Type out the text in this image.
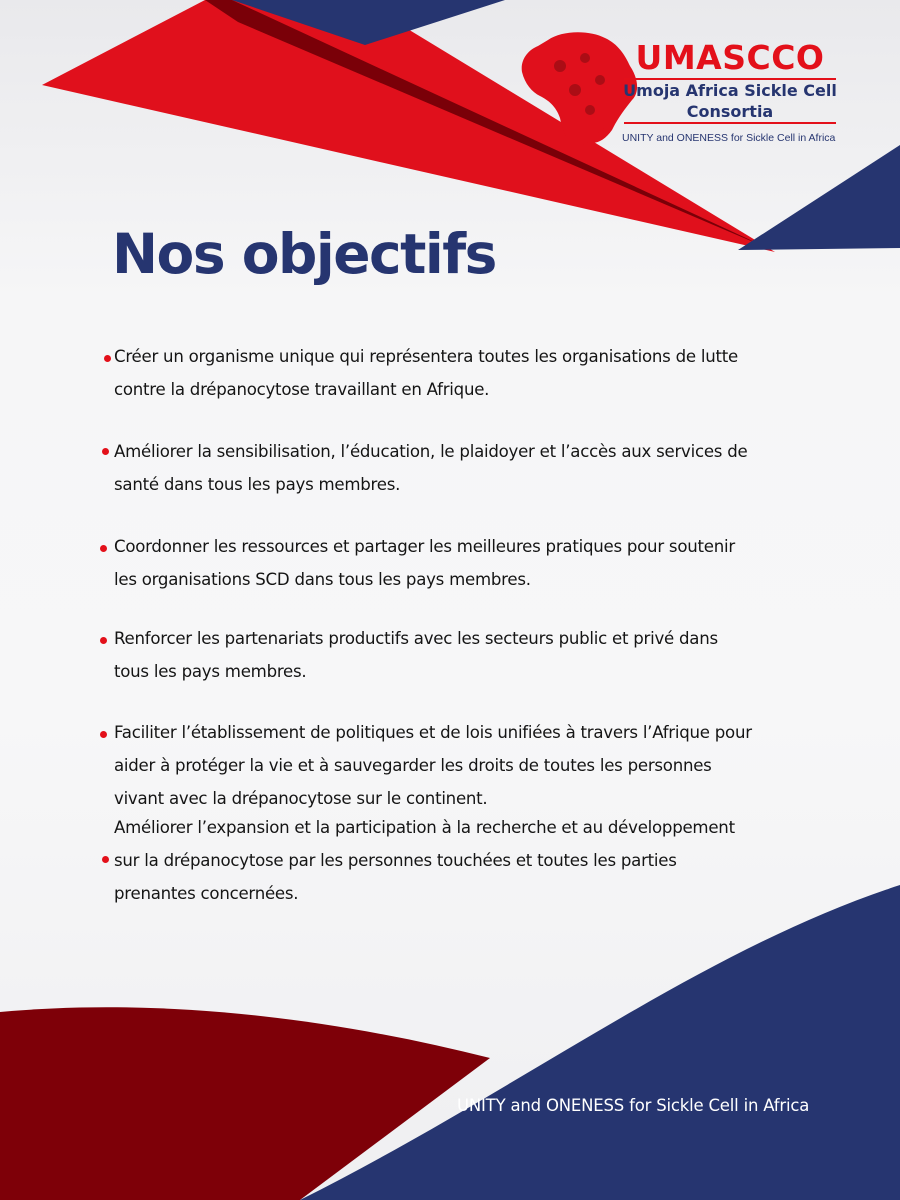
UMASCCO
Umoja Africa Sickle Cell
Consortia
UNITY and ONENESS for Sickle Cell in Africa
Nos objectifs

Créer un organisme unique qui représentera toutes les organisations de lutte
contre la drépanocytose travaillant en Afrique.

Améliorer la sensibilisation, l’éducation, le plaidoyer et l’accès aux services de
santé dans tous les pays membres.

Coordonner les ressources et partager les meilleures pratiques pour soutenir
les organisations SCD dans tous les pays membres.

Renforcer les partenariats productifs avec les secteurs public et privé dans
tous les pays membres.

Faciliter l’établissement de politiques et de lois unifiées à travers l’Afrique pour
aider à protéger la vie et à sauvegarder les droits de toutes les personnes
vivant avec la drépanocytose sur le continent.

Améliorer l’expansion et la participation à la recherche et au développement
sur la drépanocytose par les personnes touchées et toutes les parties
prenantes concernées.

UNITY and ONENESS for Sickle Cell in Africa
